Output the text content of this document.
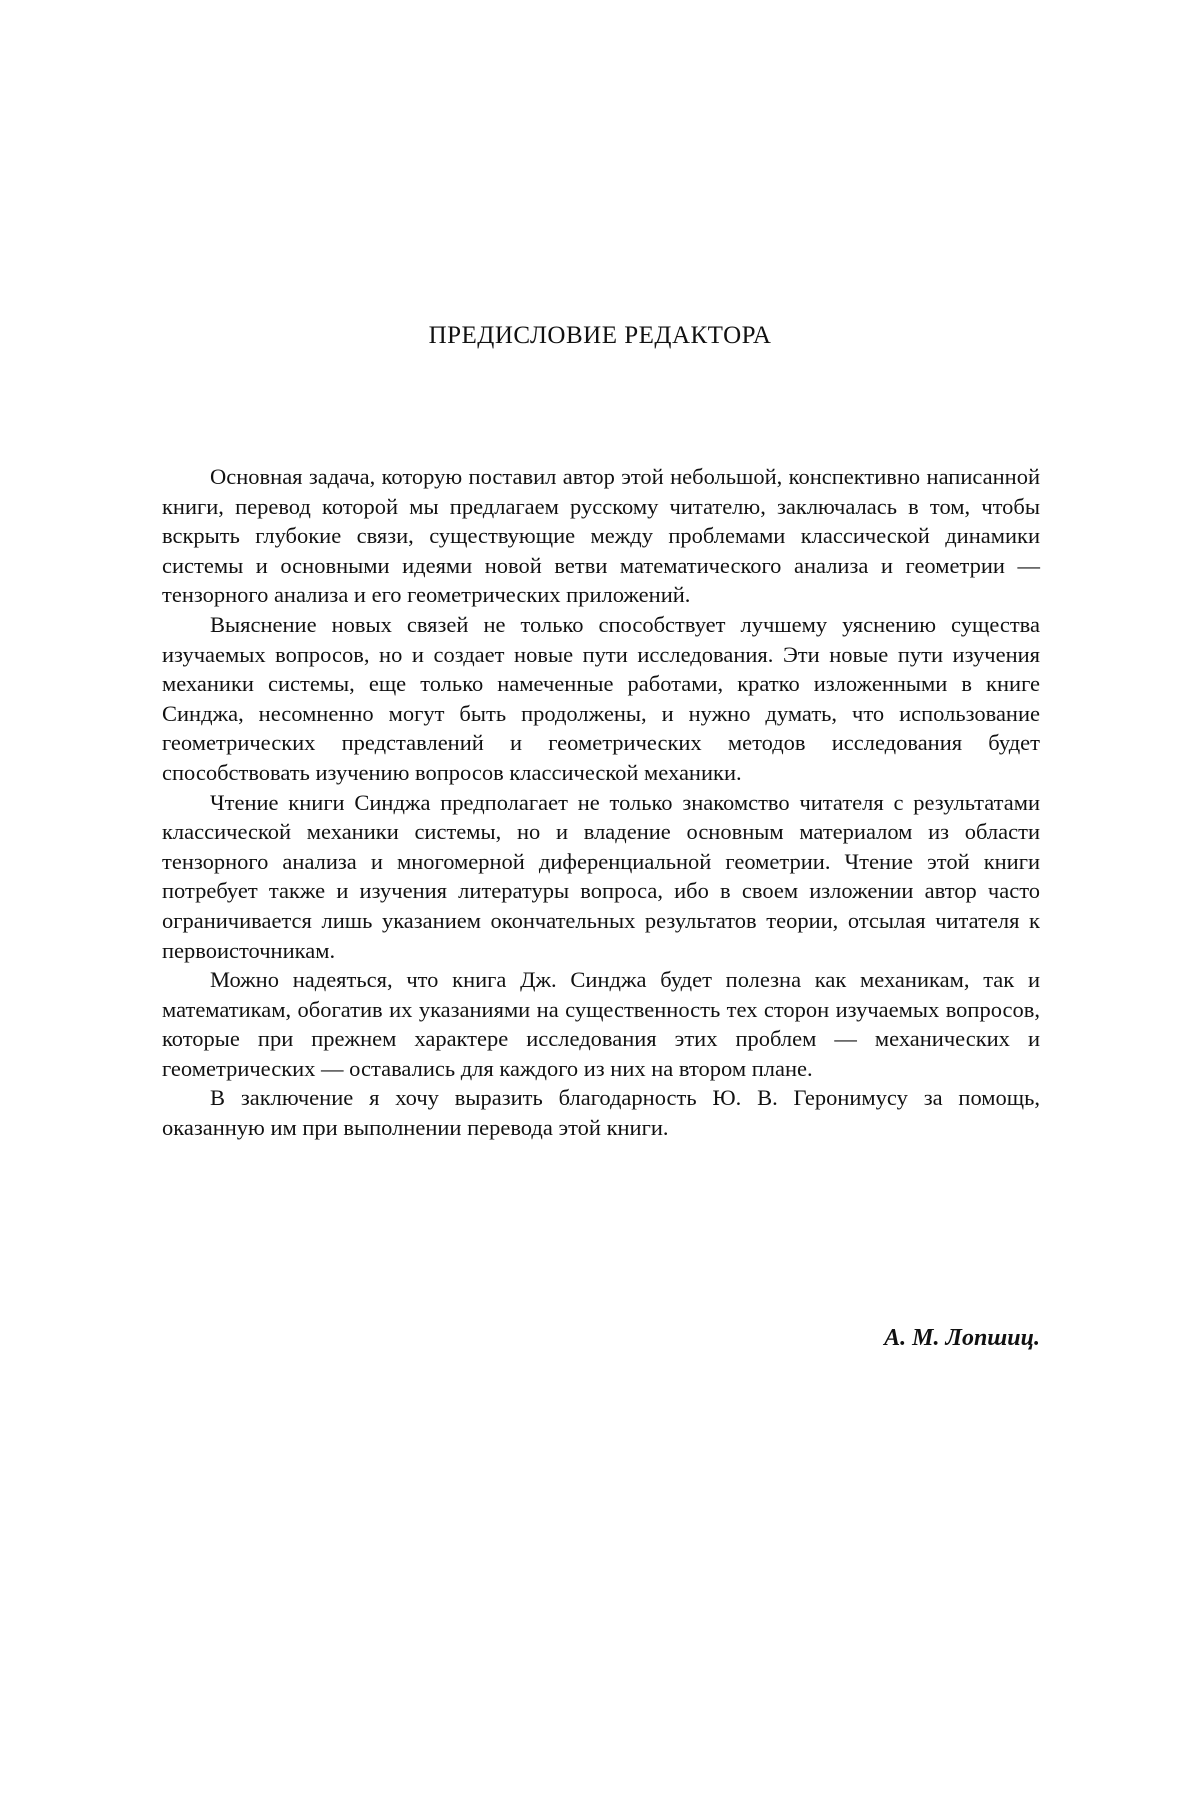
ПРЕДИСЛОВИЕ РЕДАКТОРА

Основная задача, которую поставил автор этой небольшой, конспективно написанной книги, перевод которой мы предлагаем русскому читателю, заключалась в том, чтобы вскрыть глубокие связи, существующие между проблемами классической динамики системы и основными идеями новой ветви математического анализа и геометрии — тензорного анализа и его геометрических приложений.

Выяснение новых связей не только способствует лучшему уяснению существа изучаемых вопросов, но и создает новые пути исследования. Эти новые пути изучения механики системы, еще только намеченные работами, кратко изложенными в книге Синджа, несомненно могут быть продолжены, и нужно думать, что использование геометрических представлений и геометрических методов исследования будет способствовать изучению вопросов классической механики.

Чтение книги Синджа предполагает не только знакомство читателя с результатами классической механики системы, но и владение основным материалом из области тензорного анализа и многомерной диференциальной геометрии. Чтение этой книги потребует также и изучения литературы вопроса, ибо в своем изложении автор часто ограничивается лишь указанием окончательных результатов теории, отсылая читателя к первоисточникам.

Можно надеяться, что книга Дж. Синджа будет полезна как механикам, так и математикам, обогатив их указаниями на существенность тех сторон изучаемых вопросов, которые при прежнем характере исследования этих проблем — механических и геометрических — оставались для каждого из них на втором плане.

В заключение я хочу выразить благодарность Ю. В. Геронимусу за помощь, оказанную им при выполнении перевода этой книги.

А. М. Лопшиц.
